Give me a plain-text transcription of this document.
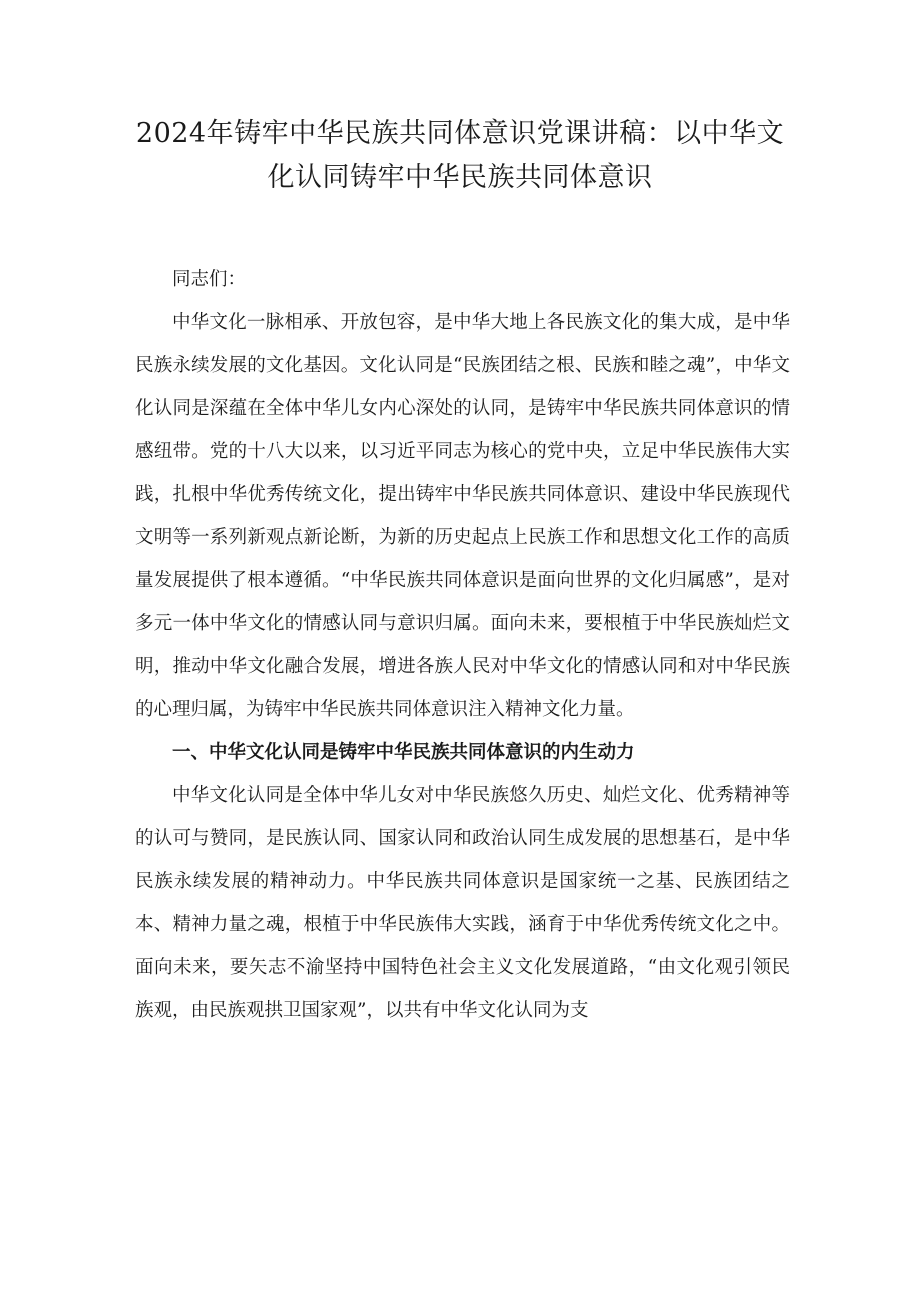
2024年铸牢中华民族共同体意识党课讲稿：以中华文
化认同铸牢中华民族共同体意识

同志们：

中华文化一脉相承、开放包容，是中华大地上各民族文化的集大成，是中华民族永续发展的文化基因。文化认同是“民族团结之根、民族和睦之魂”，中华文化认同是深蕴在全体中华儿女内心深处的认同，是铸牢中华民族共同体意识的情感纽带。党的十八大以来，以习近平同志为核心的党中央，立足中华民族伟大实践，扎根中华优秀传统文化，提出铸牢中华民族共同体意识、建设中华民族现代文明等一系列新观点新论断，为新的历史起点上民族工作和思想文化工作的高质量发展提供了根本遵循。“中华民族共同体意识是面向世界的文化归属感”，是对多元一体中华文化的情感认同与意识归属。面向未来，要根植于中华民族灿烂文明，推动中华文化融合发展，增进各族人民对中华文化的情感认同和对中华民族的心理归属，为铸牢中华民族共同体意识注入精神文化力量。

一、中华文化认同是铸牢中华民族共同体意识的内生动力

中华文化认同是全体中华儿女对中华民族悠久历史、灿烂文化、优秀精神等的认可与赞同，是民族认同、国家认同和政治认同生成发展的思想基石，是中华民族永续发展的精神动力。中华民族共同体意识是国家统一之基、民族团结之本、精神力量之魂，根植于中华民族伟大实践，涵育于中华优秀传统文化之中。面向未来，要矢志不渝坚持中国特色社会主义文化发展道路，“由文化观引领民族观，由民族观拱卫国家观”，以共有中华文化认同为支
